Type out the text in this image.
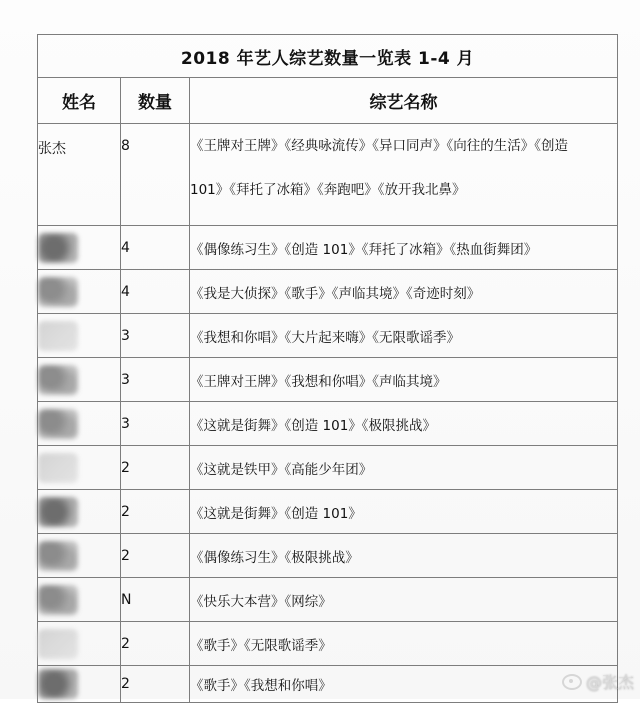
2018 年艺人综艺数量一览表 1-4 月		
姓名	数量	综艺名称
张杰	8	《王牌对王牌》《经典咏流传》《异口同声》《向往的生活》《创造
101》《拜托了冰箱》《奔跑吧》《放开我北鼻》

	4	《偶像练习生》《创造 101》《拜托了冰箱》《热血街舞团》
	4	《我是大侦探》《歌手》《声临其境》《奇迹时刻》
	3	《我想和你唱》《大片起来嗨》《无限歌谣季》
	3	《王牌对王牌》《我想和你唱》《声临其境》
	3	《这就是街舞》《创造 101》《极限挑战》
	2	《这就是铁甲》《高能少年团》
	2	《这就是街舞》《创造 101》
	2	《偶像练习生》《极限挑战》
	N	《快乐大本营》《网综》
	2	《歌手》《无限歌谣季》
	2	《歌手》《我想和你唱》	@张杰
